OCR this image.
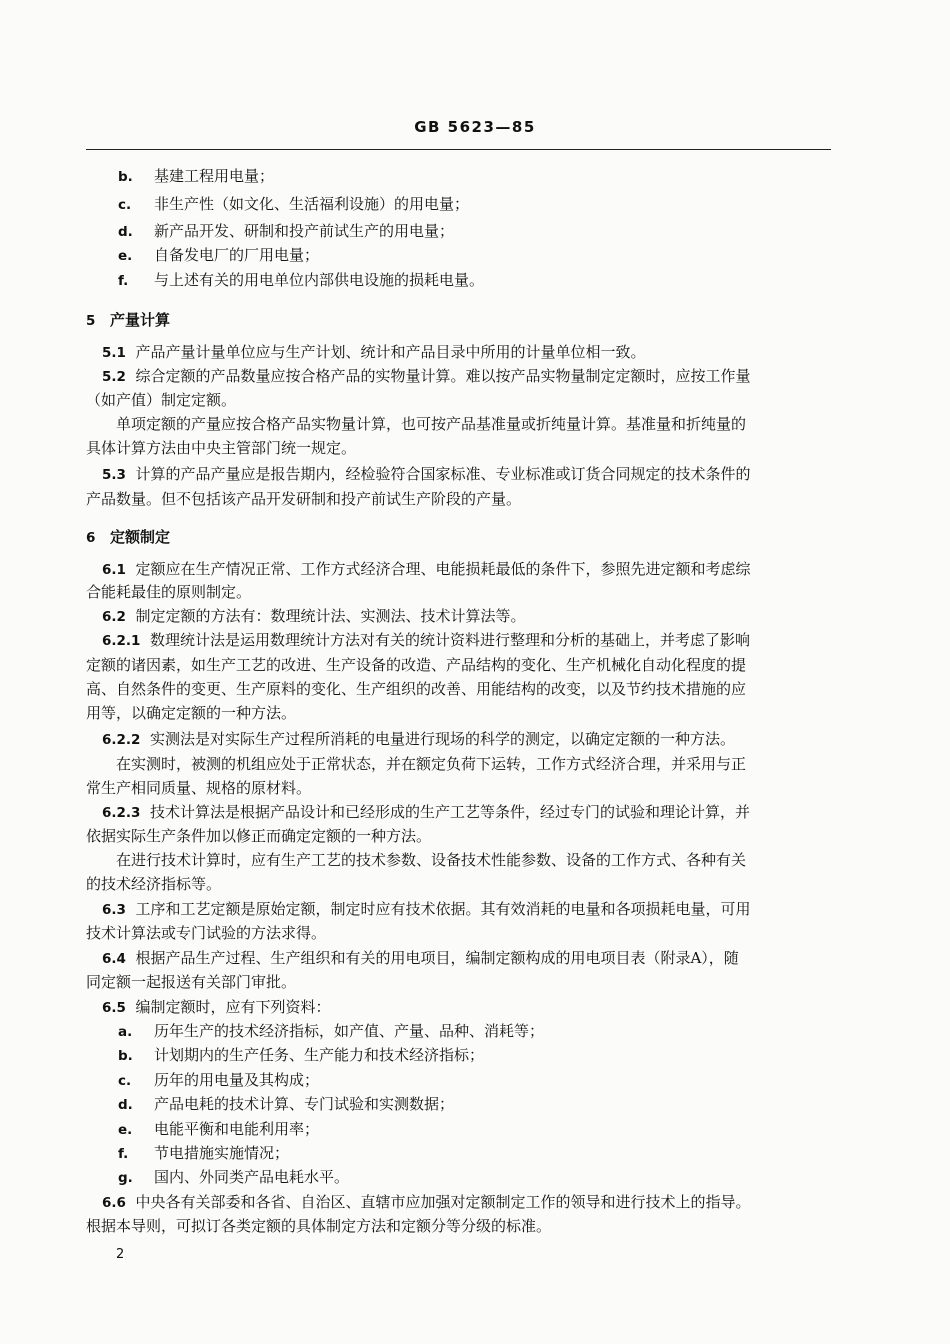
GB 5623—85
b. 基建工程用电量；
c. 非生产性（如文化、生活福利设施）的用电量；
d. 新产品开发、研制和投产前试生产的用电量；
e. 自备发电厂的厂用电量；
f. 与上述有关的用电单位内部供电设施的损耗电量。
5 产量计算
5.1 产品产量计量单位应与生产计划、统计和产品目录中所用的计量单位相一致。
5.2 综合定额的产品数量应按合格产品的实物量计算。难以按产品实物量制定定额时，应按工作量
（如产值）制定定额。
单项定额的产量应按合格产品实物量计算，也可按产品基准量或折纯量计算。基准量和折纯量的
具体计算方法由中央主管部门统一规定。
5.3 计算的产品产量应是报告期内，经检验符合国家标准、专业标准或订货合同规定的技术条件的
产品数量。但不包括该产品开发研制和投产前试生产阶段的产量。
6 定额制定
6.1 定额应在生产情况正常、工作方式经济合理、电能损耗最低的条件下，参照先进定额和考虑综
合能耗最佳的原则制定。
6.2 制定定额的方法有：数理统计法、实测法、技术计算法等。
6.2.1 数理统计法是运用数理统计方法对有关的统计资料进行整理和分析的基础上，并考虑了影响
定额的诸因素，如生产工艺的改进、生产设备的改造、产品结构的变化、生产机械化自动化程度的提
高、自然条件的变更、生产原料的变化、生产组织的改善、用能结构的改变，以及节约技术措施的应
用等，以确定定额的一种方法。
6.2.2 实测法是对实际生产过程所消耗的电量进行现场的科学的测定，以确定定额的一种方法。
在实测时，被测的机组应处于正常状态，并在额定负荷下运转，工作方式经济合理，并采用与正
常生产相同质量、规格的原材料。
6.2.3 技术计算法是根据产品设计和已经形成的生产工艺等条件，经过专门的试验和理论计算，并
依据实际生产条件加以修正而确定定额的一种方法。
在进行技术计算时，应有生产工艺的技术参数、设备技术性能参数、设备的工作方式、各种有关
的技术经济指标等。
6.3 工序和工艺定额是原始定额，制定时应有技术依据。其有效消耗的电量和各项损耗电量，可用
技术计算法或专门试验的方法求得。
6.4 根据产品生产过程、生产组织和有关的用电项目，编制定额构成的用电项目表（附录A），随
同定额一起报送有关部门审批。
6.5 编制定额时，应有下列资料：
a. 历年生产的技术经济指标，如产值、产量、品种、消耗等；
b. 计划期内的生产任务、生产能力和技术经济指标；
c. 历年的用电量及其构成；
d. 产品电耗的技术计算、专门试验和实测数据；
e. 电能平衡和电能利用率；
f. 节电措施实施情况；
g. 国内、外同类产品电耗水平。
6.6 中央各有关部委和各省、自治区、直辖市应加强对定额制定工作的领导和进行技术上的指导。
根据本导则，可拟订各类定额的具体制定方法和定额分等分级的标准。
2
